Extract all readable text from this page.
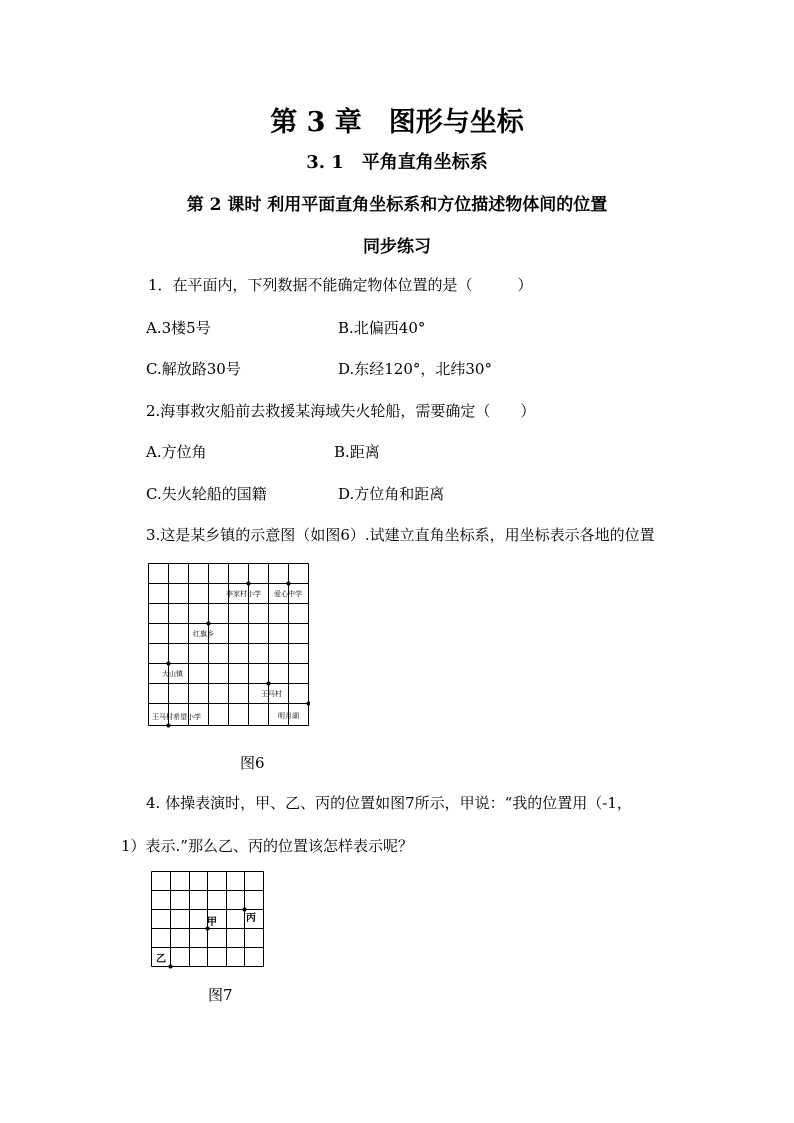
第 3 章　图形与坐标
3. 1　平角直角坐标系
第 2 课时 利用平面直角坐标系和方位描述物体间的位置
同步练习
1．在平面内，下列数据不能确定物体位置的是（　　　）
A.3楼5号	B.北偏西40°
C.解放路30号	D.东经120°，北纬30°
2.海事救灾船前去救援某海域失火轮船，需要确定（　　）
A.方位角	B.距离
C.失火轮船的国籍	D.方位角和距离
3.这是某乡镇的示意图（如图6）.试建立直角坐标系，用坐标表示各地的位置
李家村小学 爱心中学
红旗乡
大山镇
王马村
王马村希望小学	明月湖
图6
4. 体操表演时，甲、乙、丙的位置如图7所示，甲说：“我的位置用（-1，
1）表示.”那么乙、丙的位置该怎样表示呢？
甲	丙
乙
图7
